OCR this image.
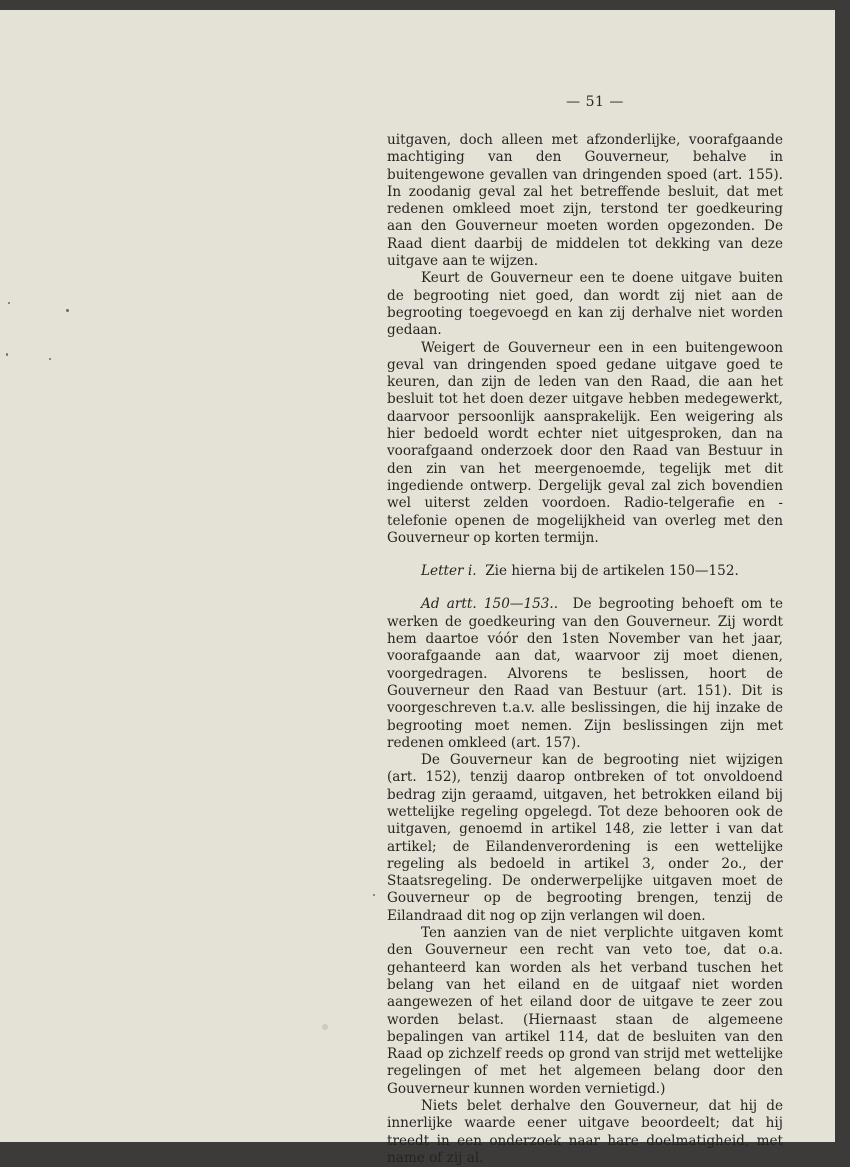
— 51 —

uitgaven, doch alleen met afzonderlijke, voorafgaande machtiging van den Gouverneur, behalve in buitengewone gevallen van dringenden spoed (art. 155). In zoodanig geval zal het betreffende besluit, dat met redenen omkleed moet zijn, terstond ter goedkeuring aan den Gouverneur moeten worden opgezonden. De Raad dient daarbij de middelen tot dekking van deze uitgave aan te wijzen.

Keurt de Gouverneur een te doene uitgave buiten de begrooting niet goed, dan wordt zij niet aan de begrooting toegevoegd en kan zij derhalve niet worden gedaan.

Weigert de Gouverneur een in een buitengewoon geval van dringenden spoed gedane uitgave goed te keuren, dan zijn de leden van den Raad, die aan het besluit tot het doen dezer uitgave hebben medegewerkt, daarvoor persoonlijk aansprakelijk. Een weigering als hier bedoeld wordt echter niet uitgesproken, dan na voorafgaand onderzoek door den Raad van Bestuur in den zin van het meergenoemde, tegelijk met dit ingediende ontwerp. Dergelijk geval zal zich bovendien wel uiterst zelden voordoen. Radio-telgerafie en -telefonie openen de mogelijkheid van overleg met den Gouverneur op korten termijn.

Letter i. Zie hierna bij de artikelen 150—152.

Ad artt. 150—153.. De begrooting behoeft om te werken de goedkeuring van den Gouverneur. Zij wordt hem daartoe vóór den 1sten November van het jaar, voorafgaande aan dat, waarvoor zij moet dienen, voorgedragen. Alvorens te beslissen, hoort de Gouverneur den Raad van Bestuur (art. 151). Dit is voorgeschreven t.a.v. alle beslissingen, die hij inzake de begrooting moet nemen. Zijn beslissingen zijn met redenen omkleed (art. 157).

De Gouverneur kan de begrooting niet wijzigen (art. 152), tenzij daarop ontbreken of tot onvoldoend bedrag zijn geraamd, uitgaven, het betrokken eiland bij wettelijke regeling opgelegd. Tot deze behooren ook de uitgaven, genoemd in artikel 148, zie letter i van dat artikel; de Eilandenverordening is een wettelijke regeling als bedoeld in artikel 3, onder 2o., der Staatsregeling. De onderwerpelijke uitgaven moet de Gouverneur op de begrooting brengen, tenzij de Eilandraad dit nog op zijn verlangen wil doen.

Ten aanzien van de niet verplichte uitgaven komt den Gouverneur een recht van veto toe, dat o.a. gehanteerd kan worden als het verband tuschen het belang van het eiland en de uitgaaf niet worden aangewezen of het eiland door de uitgave te zeer zou worden belast. (Hiernaast staan de algemeene bepalingen van artikel 114, dat de besluiten van den Raad op zichzelf reeds op grond van strijd met wettelijke regelingen of met het algemeen belang door den Gouverneur kunnen worden vernietigd.)

Niets belet derhalve den Gouverneur, dat hij de innerlijke waarde eener uitgave beoordeelt; dat hij treedt in een onderzoek naar hare doelmatigheid, met name of zij al.
